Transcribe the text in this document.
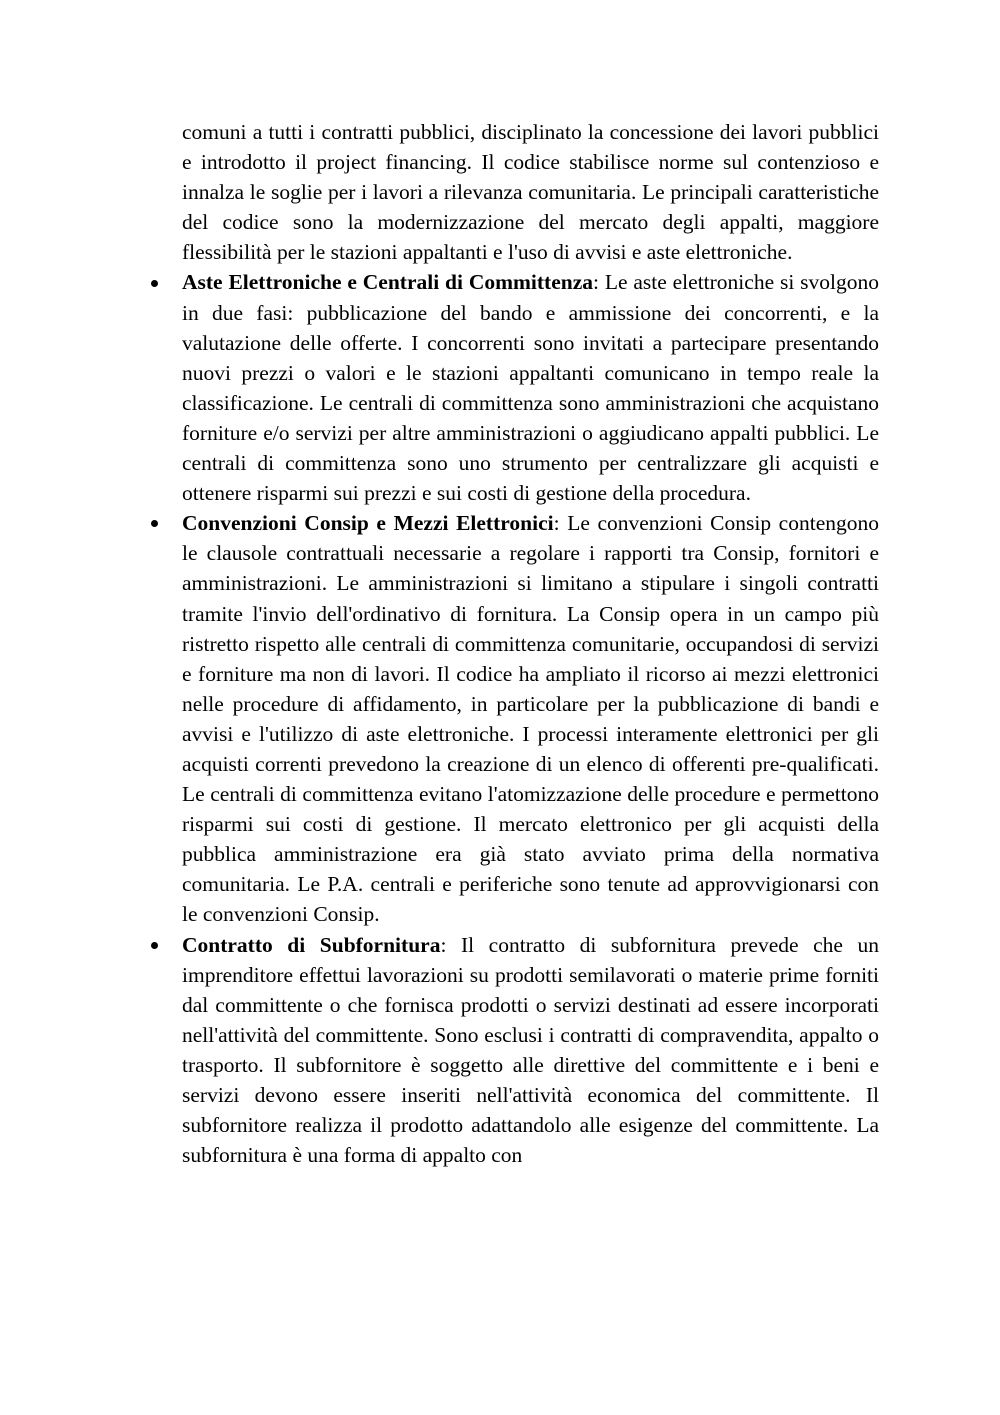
comuni a tutti i contratti pubblici, disciplinato la concessione dei lavori pubblici e introdotto il project financing. Il codice stabilisce norme sul contenzioso e innalza le soglie per i lavori a rilevanza comunitaria. Le principali caratteristiche del codice sono la modernizzazione del mercato degli appalti, maggiore flessibilità per le stazioni appaltanti e l'uso di avvisi e aste elettroniche.

Aste Elettroniche e Centrali di Committenza: Le aste elettroniche si svolgono in due fasi: pubblicazione del bando e ammissione dei concorrenti, e la valutazione delle offerte. I concorrenti sono invitati a partecipare presentando nuovi prezzi o valori e le stazioni appaltanti comunicano in tempo reale la classificazione. Le centrali di committenza sono amministrazioni che acquistano forniture e/o servizi per altre amministrazioni o aggiudicano appalti pubblici. Le centrali di committenza sono uno strumento per centralizzare gli acquisti e ottenere risparmi sui prezzi e sui costi di gestione della procedura.
Convenzioni Consip e Mezzi Elettronici: Le convenzioni Consip contengono le clausole contrattuali necessarie a regolare i rapporti tra Consip, fornitori e amministrazioni. Le amministrazioni si limitano a stipulare i singoli contratti tramite l'invio dell'ordinativo di fornitura. La Consip opera in un campo più ristretto rispetto alle centrali di committenza comunitarie, occupandosi di servizi e forniture ma non di lavori. Il codice ha ampliato il ricorso ai mezzi elettronici nelle procedure di affidamento, in particolare per la pubblicazione di bandi e avvisi e l'utilizzo di aste elettroniche. I processi interamente elettronici per gli acquisti correnti prevedono la creazione di un elenco di offerenti pre-qualificati. Le centrali di committenza evitano l'atomizzazione delle procedure e permettono risparmi sui costi di gestione. Il mercato elettronico per gli acquisti della pubblica amministrazione era già stato avviato prima della normativa comunitaria. Le P.A. centrali e periferiche sono tenute ad approvvigionarsi con le convenzioni Consip.
Contratto di Subfornitura: Il contratto di subfornitura prevede che un imprenditore effettui lavorazioni su prodotti semilavorati o materie prime forniti dal committente o che fornisca prodotti o servizi destinati ad essere incorporati nell'attività del committente. Sono esclusi i contratti di compravendita, appalto o trasporto. Il subfornitore è soggetto alle direttive del committente e i beni e servizi devono essere inseriti nell'attività economica del committente. Il subfornitore realizza il prodotto adattandolo alle esigenze del committente. La subfornitura è una forma di appalto con
